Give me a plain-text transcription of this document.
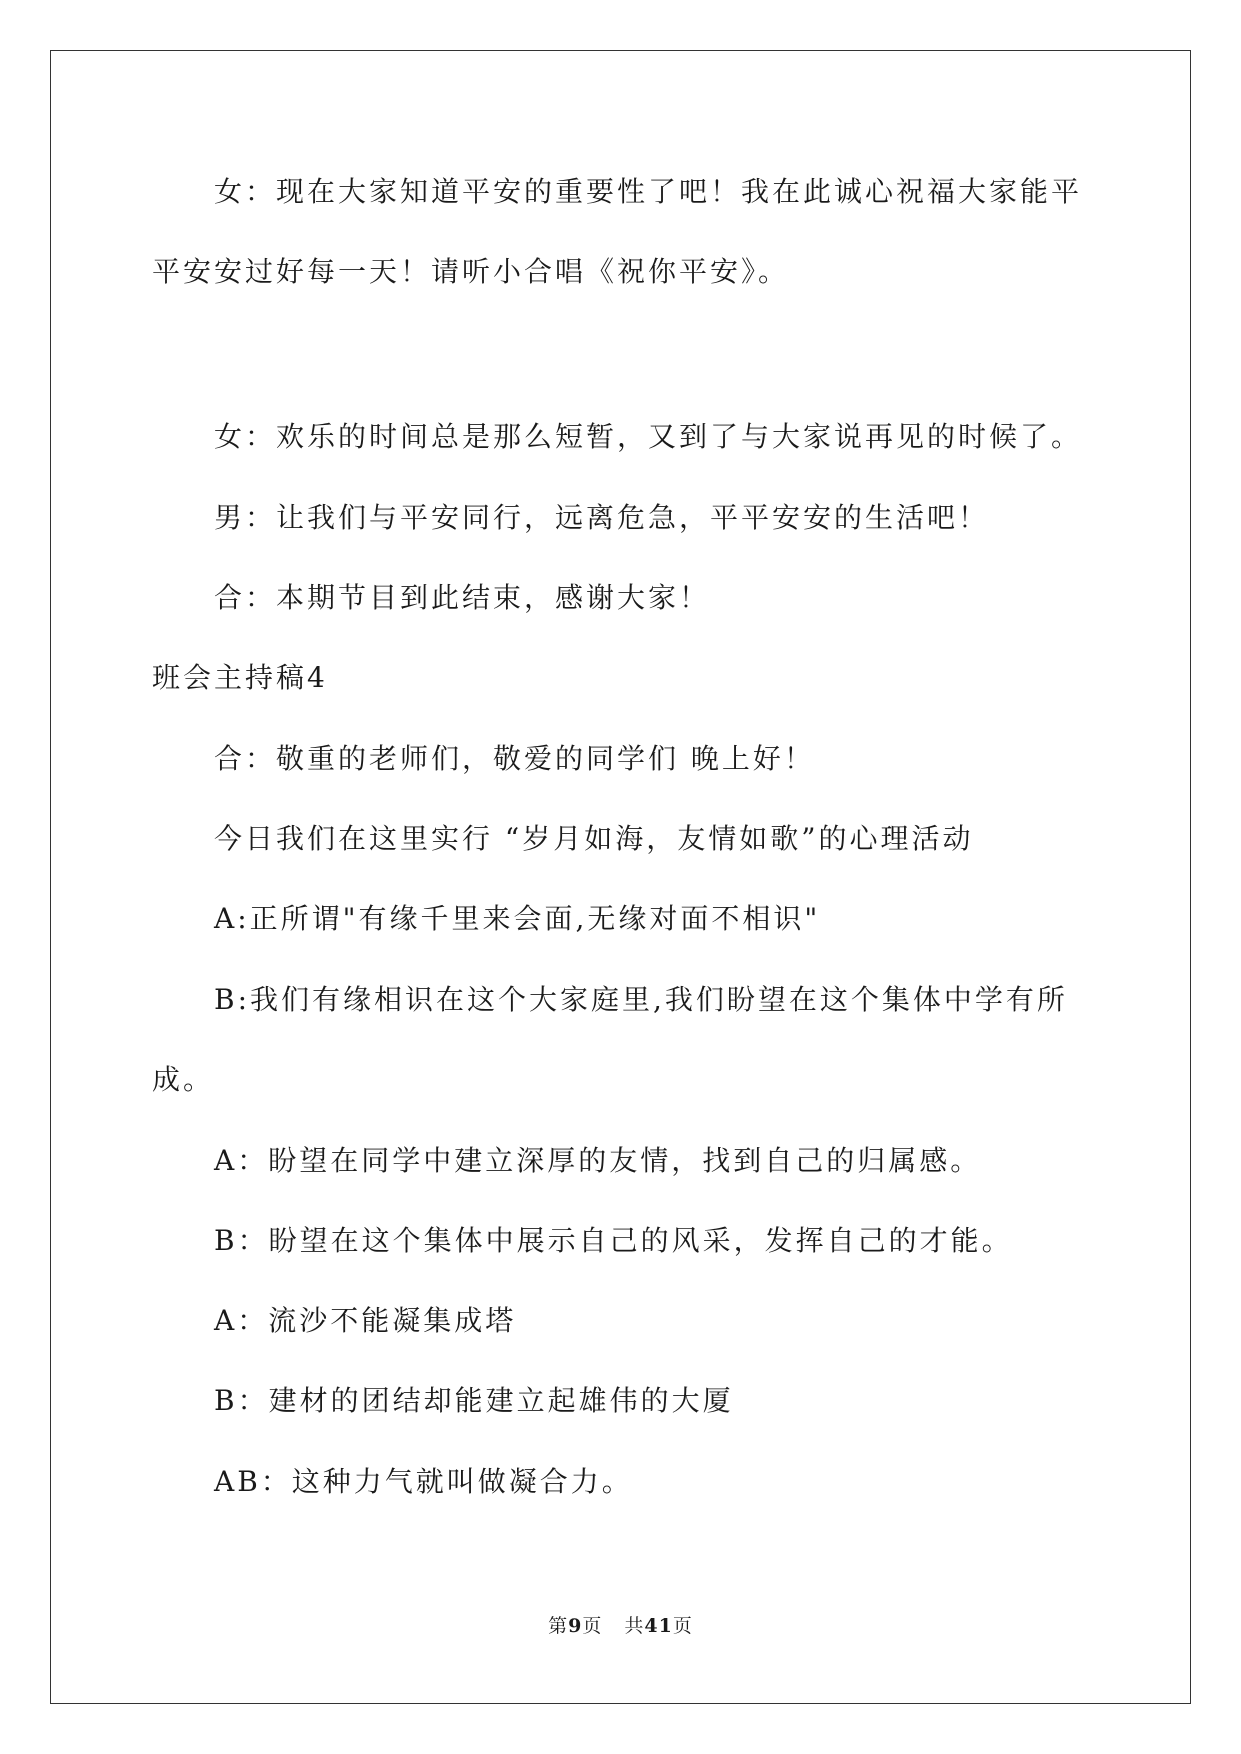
女：现在大家知道平安的重要性了吧！我在此诚心祝福大家能平

平安安过好每一天！请听小合唱《祝你平安》。

女：欢乐的时间总是那么短暂，又到了与大家说再见的时候了。

男：让我们与平安同行，远离危急，平平安安的生活吧！

合：本期节目到此结束，感谢大家！

班会主持稿4

合：敬重的老师们，敬爱的同学们 晚上好！

今日我们在这里实行 “岁月如海，友情如歌”的心理活动

A:正所谓"有缘千里来会面,无缘对面不相识"

B:我们有缘相识在这个大家庭里,我们盼望在这个集体中学有所

成。

A：盼望在同学中建立深厚的友情，找到自己的归属感。

B：盼望在这个集体中展示自己的风采，发挥自己的才能。

A：流沙不能凝集成塔

B：建材的团结却能建立起雄伟的大厦

AB：这种力气就叫做凝合力。

第9页 共41页
